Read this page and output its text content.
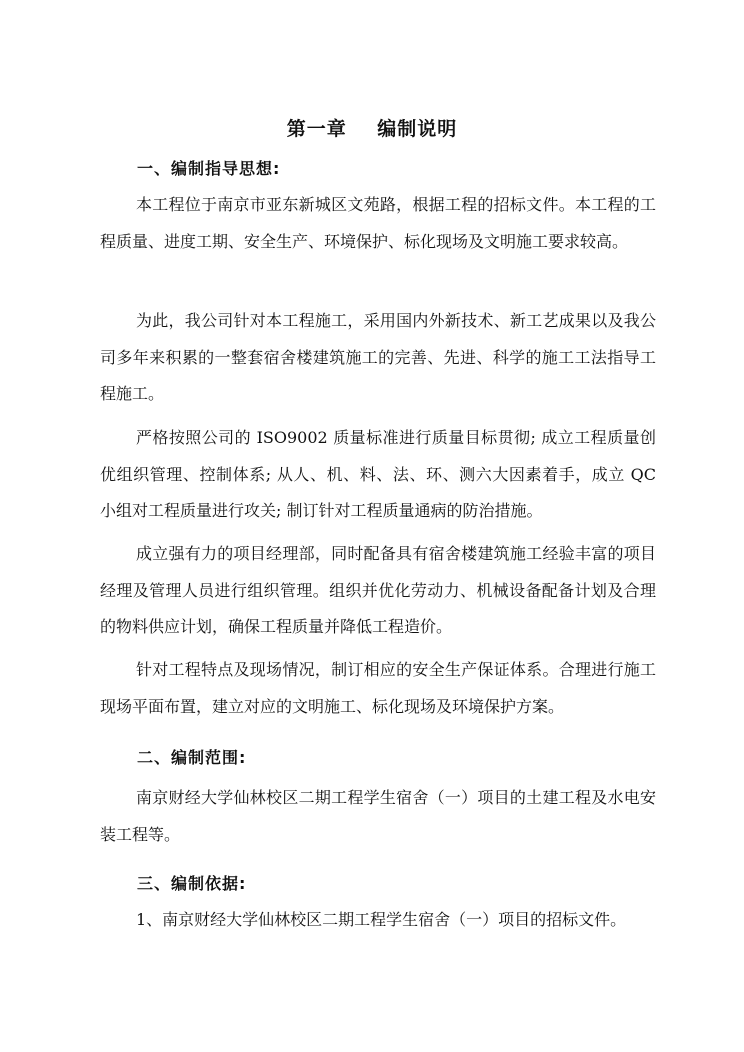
第一章    编制说明
一、编制指导思想:

本工程位于南京市亚东新城区文苑路，根据工程的招标文件。本工程的工程质量、进度工期、安全生产、环境保护、标化现场及文明施工要求较高。

为此，我公司针对本工程施工，采用国内外新技术、新工艺成果以及我公司多年来积累的一整套宿舍楼建筑施工的完善、先进、科学的施工工法指导工程施工。

严格按照公司的 ISO9002 质量标准进行质量目标贯彻; 成立工程质量创优组织管理、控制体系; 从人、机、料、法、环、测六大因素着手，成立 QC 小组对工程质量进行攻关; 制订针对工程质量通病的防治措施。

成立强有力的项目经理部，同时配备具有宿舍楼建筑施工经验丰富的项目经理及管理人员进行组织管理。组织并优化劳动力、机械设备配备计划及合理的物料供应计划，确保工程质量并降低工程造价。

针对工程特点及现场情况，制订相应的安全生产保证体系。合理进行施工现场平面布置，建立对应的文明施工、标化现场及环境保护方案。

二、编制范围:

南京财经大学仙林校区二期工程学生宿舍（一）项目的土建工程及水电安装工程等。

三、编制依据:

1、南京财经大学仙林校区二期工程学生宿舍（一）项目的招标文件。
